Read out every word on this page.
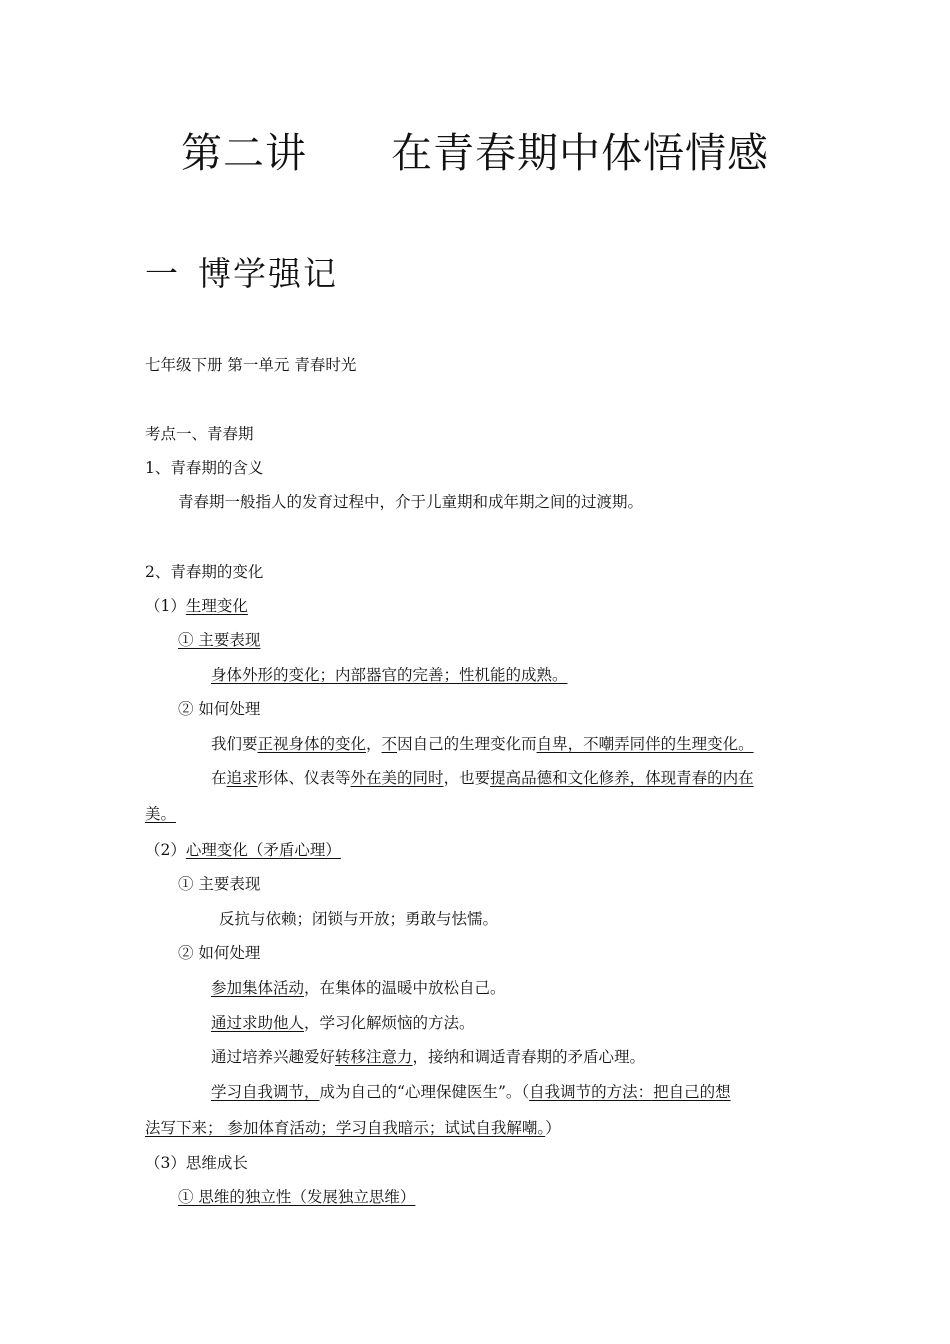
第二讲 在青春期中体悟情感
一 博学强记
七年级下册 第一单元 青春时光
考点一、青春期
1、青春期的含义
青春期一般指人的发育过程中，介于儿童期和成年期之间的过渡期。
2、青春期的变化
（1）生理变化
① 主要表现
身体外形的变化；内部器官的完善；性机能的成熟。
② 如何处理
我们要正视身体的变化，不因自己的生理变化而自卑，不嘲弄同伴的生理变化。
在追求形体、仪表等外在美的同时，也要提高品德和文化修养，体现青春的内在
美。
（2）心理变化（矛盾心理）
① 主要表现
反抗与依赖；闭锁与开放；勇敢与怯懦。
② 如何处理
参加集体活动，在集体的温暖中放松自己。
通过求助他人，学习化解烦恼的方法。
通过培养兴趣爱好转移注意力，接纳和调适青春期的矛盾心理。
学习自我调节，成为自己的“心理保健医生”。（自我调节的方法：把自己的想
法写下来； 参加体育活动；学习自我暗示；试试自我解嘲。）
（3）思维成长
① 思维的独立性（发展独立思维）
